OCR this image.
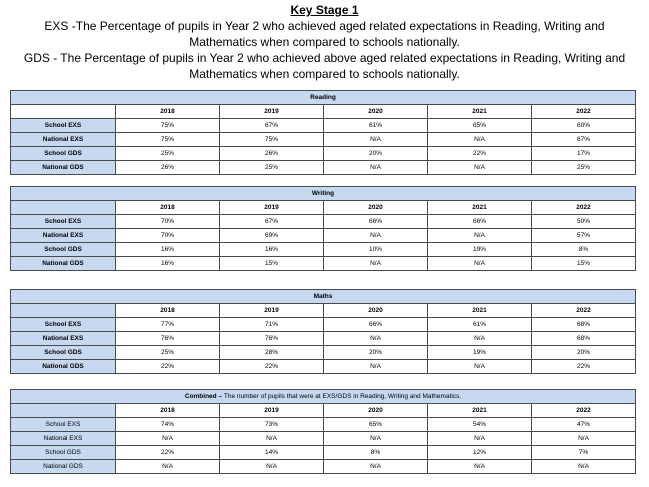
Key Stage 1
EXS -The Percentage of pupils in Year 2 who achieved aged related expectations in Reading, Writing and
Mathematics when compared to schools nationally.
GDS - The Percentage of pupils in Year 2 who achieved above aged related expectations in Reading, Writing and
Mathematics when compared to schools nationally.
Reading					
	2018	2019	2020	2021	2022
School EXS	75%	67%	61%	65%	60%
National EXS	75%	75%	N/A	N/A	67%
School GDS	25%	26%	20%	22%	17%
National GDS	26%	25%	N/A	N/A	25%
Writing					
	2018	2019	2020	2021	2022
School EXS	70%	67%	66%	66%	50%
National EXS	70%	69%	N/A	N/A	57%
School GDS	16%	16%	10%	19%	8%
National GDS	16%	15%	N/A	N/A	15%
Maths					
	2018	2019	2020	2021	2022
School EXS	77%	71%	66%	61%	68%
National EXS	76%	76%	N/A	N/A	68%
School GDS	25%	28%	20%	19%	20%
National GDS	22%	22%	N/A	N/A	22%
Combined – The number of pupils that were at EXS/GDS in Reading, Writing and Mathematics.					
	2018	2019	2020	2021	2022
School EXS	74%	73%	65%	54%	47%
National EXS	N/A	N/A	N/A	N/A	N/A
School GDS	22%	14%	8%	12%	7%
National GDS	N/A	N/A	N/A	N/A	N/A
